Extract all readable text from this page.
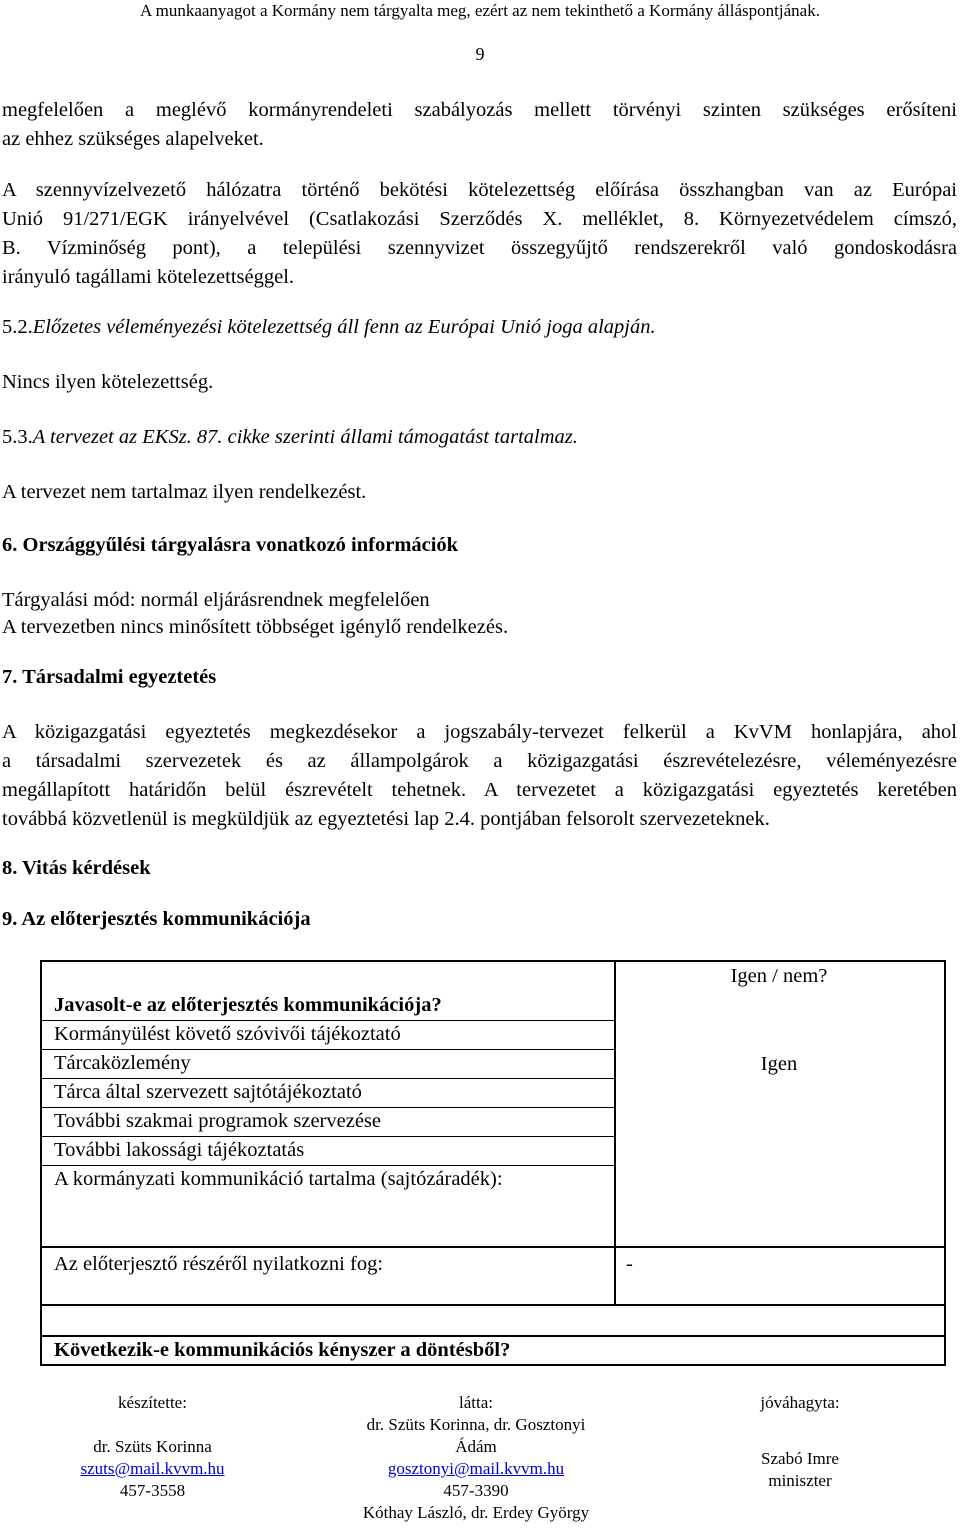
A munkaanyagot a Kormány nem tárgyalta meg, ezért az nem tekinthető a Kormány álláspontjának.
9
megfelelően a meglévő kormányrendeleti szabályozás mellett törvényi szinten szükséges erősíteni
az ehhez szükséges alapelveket.
A szennyvízelvezető hálózatra történő bekötési kötelezettség előírása összhangban van az Európai
Unió 91/271/EGK irányelvével (Csatlakozási Szerződés X. melléklet, 8. Környezetvédelem címszó,
B. Vízminőség pont), a települési szennyvizet összegyűjtő rendszerekről való gondoskodásra
irányuló tagállami kötelezettséggel.
5.2.Előzetes véleményezési kötelezettség áll fenn az Európai Unió joga alapján.
Nincs ilyen kötelezettség.
5.3.A tervezet az EKSz. 87. cikke szerinti állami támogatást tartalmaz.
A tervezet nem tartalmaz ilyen rendelkezést.
6. Országgyűlési tárgyalásra vonatkozó információk
Tárgyalási mód: normál eljárásrendnek megfelelően
A tervezetben nincs minősített többséget igénylő rendelkezés.
7. Társadalmi egyeztetés
A közigazgatási egyeztetés megkezdésekor a jogszabály-tervezet felkerül a KvVM honlapjára, ahol
a társadalmi szervezetek és az állampolgárok a közigazgatási észrevételezésre, véleményezésre
megállapított határidőn belül észrevételt tehetnek. A tervezetet a közigazgatási egyeztetés keretében
továbbá közvetlenül is megküldjük az egyeztetési lap 2.4. pontjában felsorolt szervezeteknek.
8. Vitás kérdések
9. Az előterjesztés kommunikációja
Igen / nem?
Javasolt-e az előterjesztés kommunikációja?
Kormányülést követő szóvivői tájékoztató
Tárcaközlemény
Tárca által szervezett sajtótájékoztató
További szakmai programok szervezése
További lakossági tájékoztatás
Igen
A kormányzati kommunikáció tartalma (sajtózáradék):
Az előterjesztő részéről nyilatkozni fog:	-
Következik-e kommunikációs kényszer a döntésből?
készítette:
dr. Szüts Korinna
szuts@mail.kvvm.hu
457-3558
látta:
dr. Szüts Korinna, dr. Gosztonyi
Ádám
gosztonyi@mail.kvvm.hu
457-3390
Kóthay László, dr. Erdey György
jóváhagyta:
Szabó Imre
miniszter
